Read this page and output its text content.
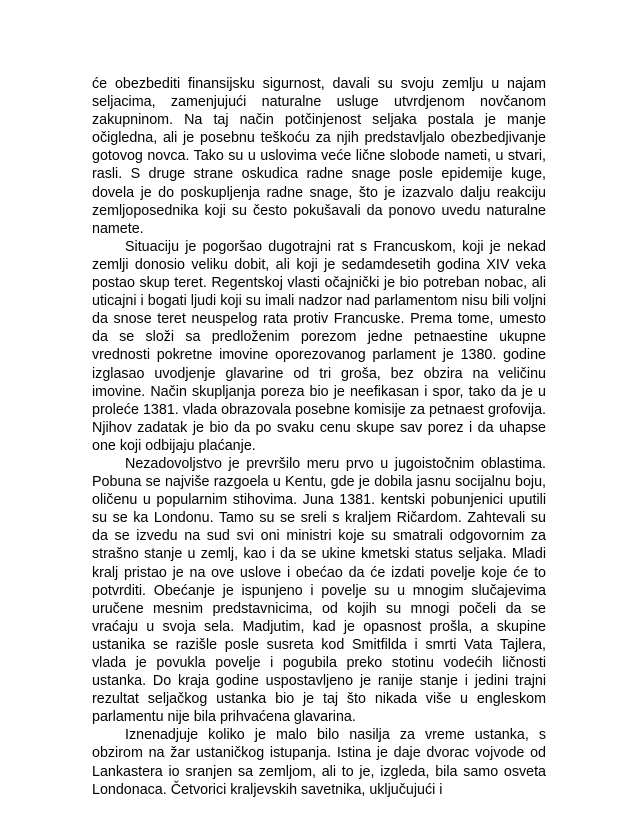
će obezbediti finansijsku sigurnost, davali su svoju zemlju u najam seljacima, zamenjujući naturalne usluge utvrdjenom novčanom zakupninom. Na taj način potčinjenost seljaka postala je manje očigledna, ali je posebnu teškoću za njih predstavljalo obezbedjivanje gotovog novca. Tako su u uslovima veće lične slobode nameti, u stvari, rasli. S druge strane oskudica radne snage posle epidemije kuge, dovela je do poskupljenja radne snage, što je izazvalo dalju reakciju zemljoposednika koji su često pokušavali da ponovo uvedu naturalne namete.

Situaciju je pogoršao dugotrajni rat s Francuskom, koji je nekad zemlji donosio veliku dobit, ali koji je sedamdesetih godina XIV veka postao skup teret. Regentskoj vlasti očajnički je bio potreban nobac, ali uticajni i bogati ljudi koji su imali nadzor nad parlamentom nisu bili voljni da snose teret neuspelog rata protiv Francuske. Prema tome, umesto da se složi sa predloženim porezom jedne petnaestine ukupne vrednosti pokretne imovine oporezovanog parlament je 1380. godine izglasao uvodjenje glavarine od tri groša, bez obzira na veličinu imovine. Način skupljanja poreza bio je neefikasan i spor, tako da je u proleće 1381. vlada obrazovala posebne komisije za petnaest grofovija. Njihov zadatak je bio da po svaku cenu skupe sav porez i da uhapse one koji odbijaju plaćanje.

Nezadovoljstvo je prevršilo meru prvo u jugoistočnim oblastima. Pobuna se najviše razgoela u Kentu, gde je dobila jasnu socijalnu boju, oličenu u popularnim stihovima. Juna 1381. kentski pobunjenici uputili su se ka Londonu. Tamo su se sreli s kraljem Ričardom. Zahtevali su da se izvedu na sud svi oni ministri koje su smatrali odgovornim za strašno stanje u zemlj, kao i da se ukine kmetski status seljaka. Mladi kralj pristao je na ove uslove i obećao da će izdati povelje koje će to potvrditi. Obećanje je ispunjeno i povelje su u mnogim slučajevima uručene mesnim predstavnicima, od kojih su mnogi počeli da se vraćaju u svoja sela. Madjutim, kad je opasnost prošla, a skupine ustanika se razišle posle susreta kod Smitfilda i smrti Vata Tajlera, vlada je povukla povelje i pogubila preko stotinu vodećih ličnosti ustanka. Do kraja godine uspostavljeno je ranije stanje i jedini trajni rezultat seljačkog ustanka bio je taj što nikada više u engleskom parlamentu nije bila prihvaćena glavarina.

Iznenadjuje koliko je malo bilo nasilja za vreme ustanka, s obzirom na žar ustaničkog istupanja. Istina je daje dvorac vojvode od Lankastera io sranjen sa zemljom, ali to je, izgleda, bila samo osveta Londonaca. Četvorici kraljevskih savetnika, uključujući i
